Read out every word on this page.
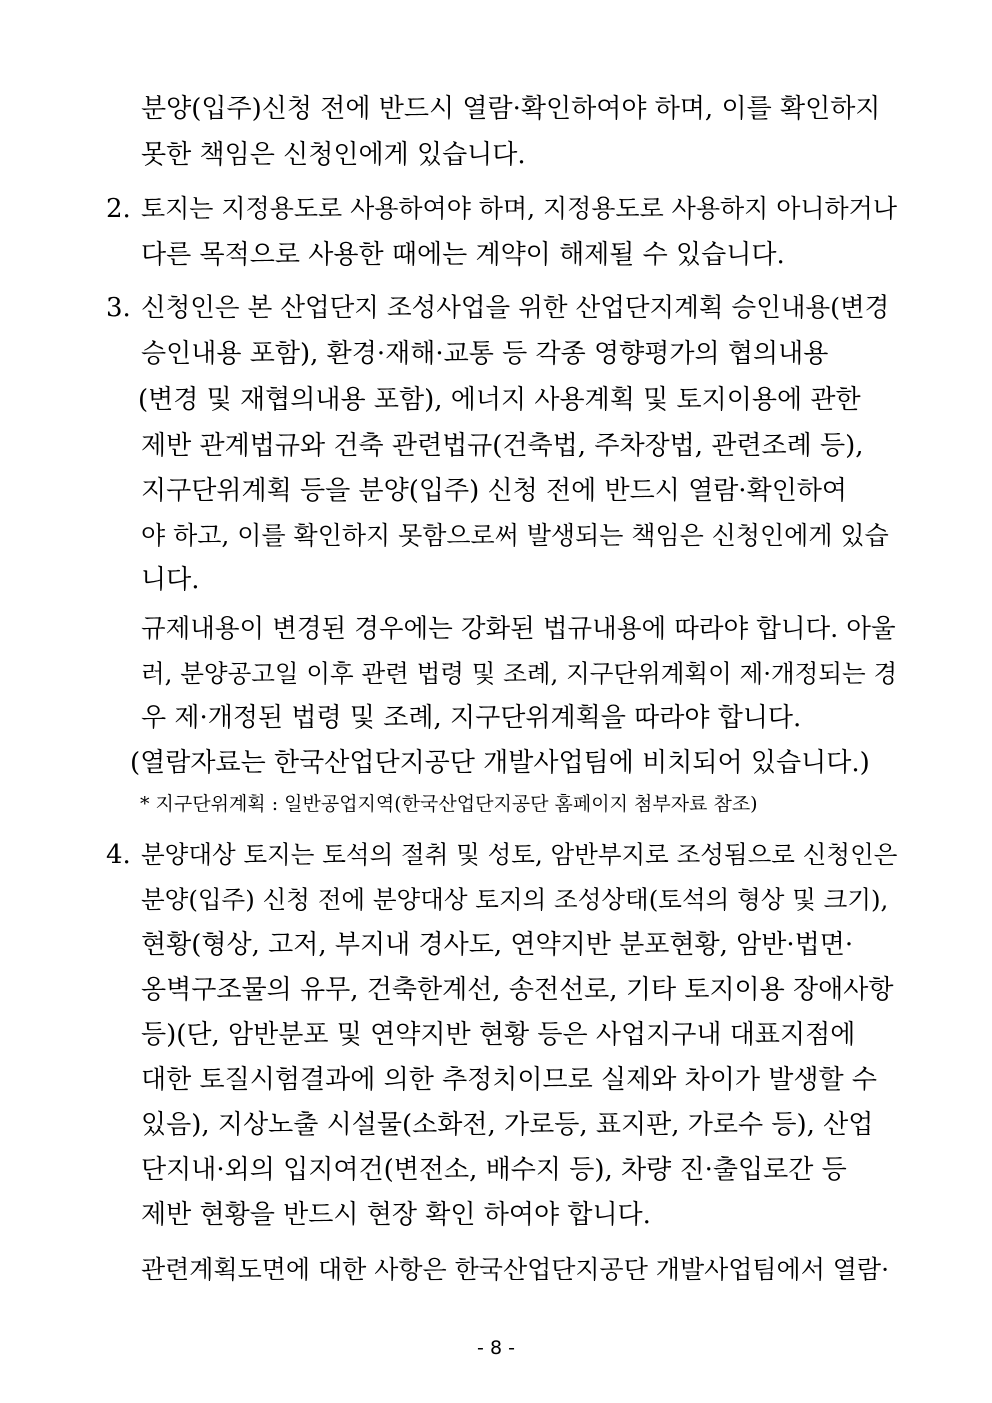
분양(입주)신청 전에 반드시 열람·확인하여야 하며, 이를 확인하지
못한 책임은 신청인에게 있습니다.
2. 토지는 지정용도로 사용하여야 하며, 지정용도로 사용하지 아니하거나
다른 목적으로 사용한 때에는 계약이 해제될 수 있습니다.
3. 신청인은 본 산업단지 조성사업을 위한 산업단지계획 승인내용(변경
승인내용 포함), 환경·재해·교통 등 각종 영향평가의 협의내용
(변경 및 재협의내용 포함), 에너지 사용계획 및 토지이용에 관한
제반 관계법규와 건축 관련법규(건축법, 주차장법, 관련조례 등),
지구단위계획 등을 분양(입주) 신청 전에 반드시 열람·확인하여
야 하고, 이를 확인하지 못함으로써 발생되는 책임은 신청인에게 있습
니다.
규제내용이 변경된 경우에는 강화된 법규내용에 따라야 합니다. 아울
러, 분양공고일 이후 관련 법령 및 조례, 지구단위계획이 제·개정되는 경
우 제·개정된 법령 및 조례, 지구단위계획을 따라야 합니다.
(열람자료는 한국산업단지공단 개발사업팀에 비치되어 있습니다.)
* 지구단위계획 : 일반공업지역(한국산업단지공단 홈페이지 첨부자료 참조)
4. 분양대상 토지는 토석의 절취 및 성토, 암반부지로 조성됨으로 신청인은
분양(입주) 신청 전에 분양대상 토지의 조성상태(토석의 형상 및 크기),
현황(형상, 고저, 부지내 경사도, 연약지반 분포현황, 암반·법면·
옹벽구조물의 유무, 건축한계선, 송전선로, 기타 토지이용 장애사항
등)(단, 암반분포 및 연약지반 현황 등은 사업지구내 대표지점에
대한 토질시험결과에 의한 추정치이므로 실제와 차이가 발생할 수
있음), 지상노출 시설물(소화전, 가로등, 표지판, 가로수 등), 산업
단지내·외의 입지여건(변전소, 배수지 등), 차량 진·출입로간 등
제반 현황을 반드시 현장 확인 하여야 합니다.
관련계획도면에 대한 사항은 한국산업단지공단 개발사업팀에서 열람·
- 8 -
